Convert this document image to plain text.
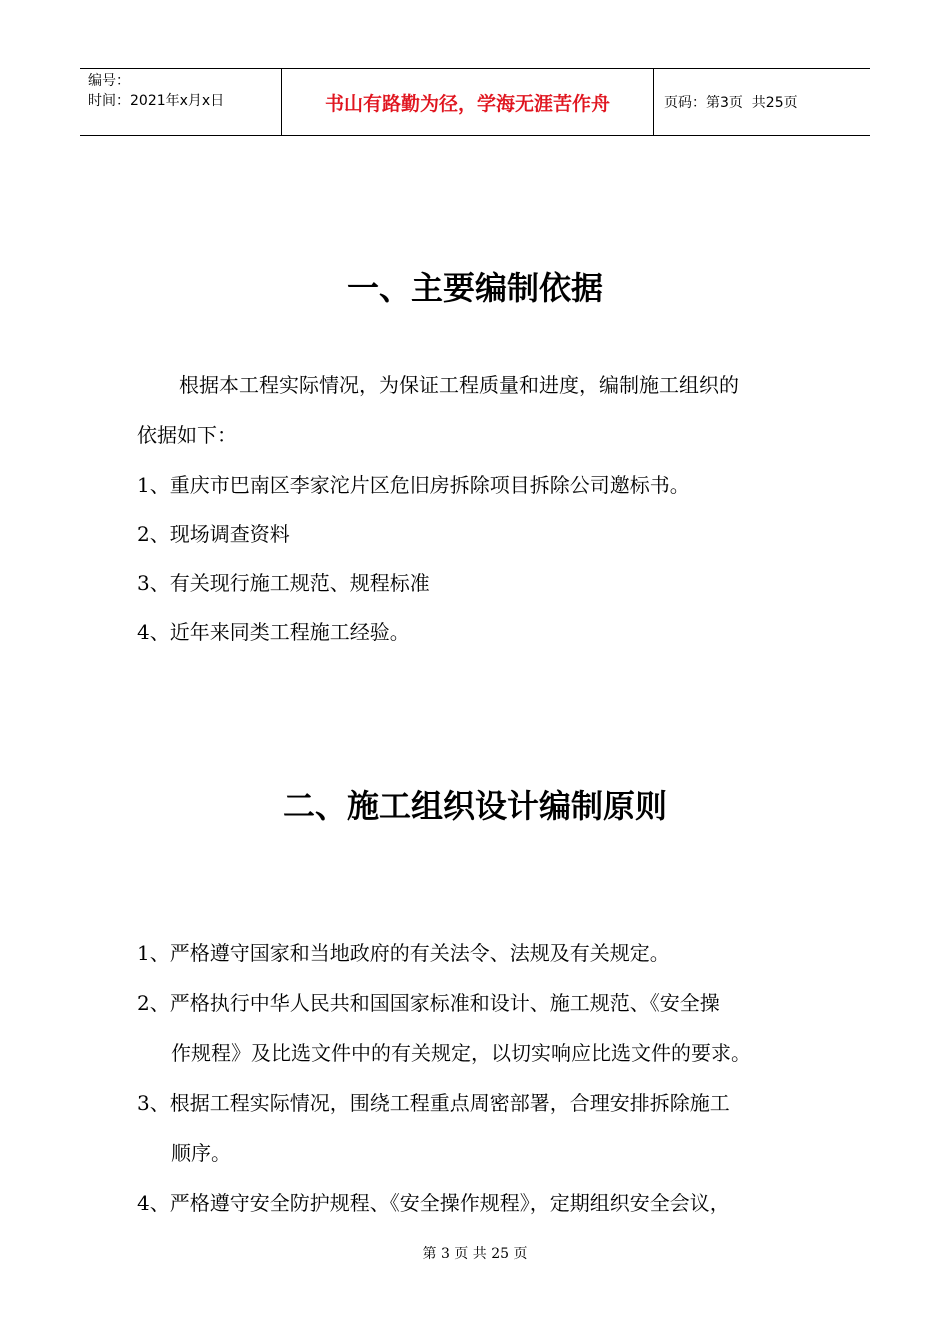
编号：
时间：2021年x月x日	书山有路勤为径，学海无涯苦作舟	页码：第3页  共25页
一、主要编制依据

根据本工程实际情况，为保证工程质量和进度，编制施工组织的

依据如下：

1、重庆市巴南区李家沱片区危旧房拆除项目拆除公司邀标书。

2、现场调查资料

3、有关现行施工规范、规程标准

4、近年来同类工程施工经验。

二、施工组织设计编制原则

1、严格遵守国家和当地政府的有关法令、法规及有关规定。

2、严格执行中华人民共和国国家标准和设计、施工规范、《安全操

作规程》及比选文件中的有关规定，以切实响应比选文件的要求。

3、根据工程实际情况，围绕工程重点周密部署，合理安排拆除施工

顺序。

4、严格遵守安全防护规程、《安全操作规程》，定期组织安全会议，

第 3 页 共 25 页
